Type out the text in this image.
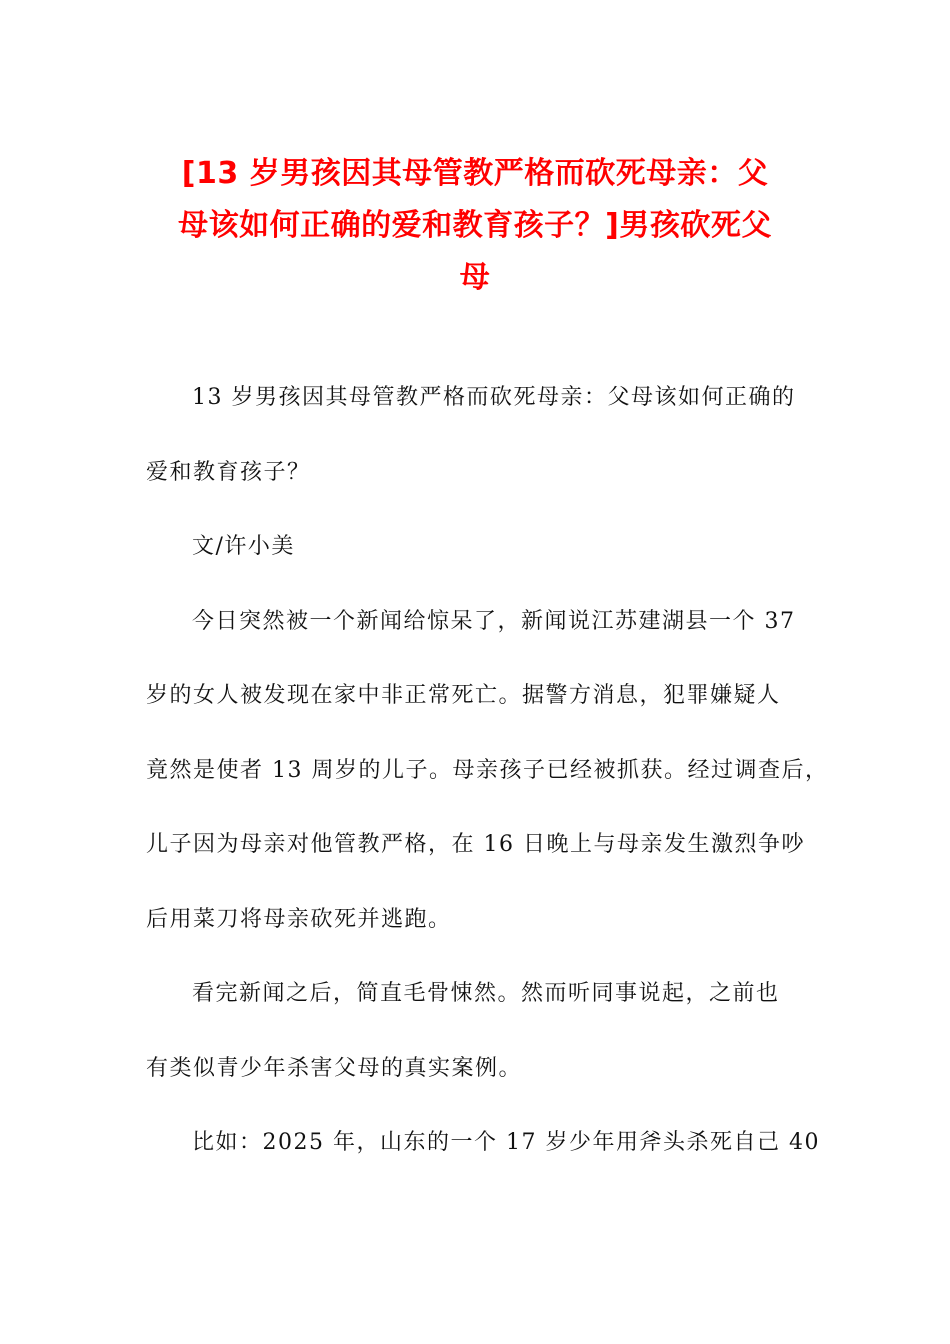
[13 岁男孩因其母管教严格而砍死母亲：父
母该如何正确的爱和教育孩子？]男孩砍死父
母
13 岁男孩因其母管教严格而砍死母亲：父母该如何正确的
爱和教育孩子？
文/许小美
今日突然被一个新闻给惊呆了，新闻说江苏建湖县一个 37
岁的女人被发现在家中非正常死亡。据警方消息，犯罪嫌疑人
竟然是使者 13 周岁的儿子。母亲孩子已经被抓获。经过调查后，
儿子因为母亲对他管教严格，在 16 日晚上与母亲发生激烈争吵
后用菜刀将母亲砍死并逃跑。
看完新闻之后，简直毛骨悚然。然而听同事说起，之前也
有类似青少年杀害父母的真实案例。
比如：2025 年，山东的一个 17 岁少年用斧头杀死自己 40
